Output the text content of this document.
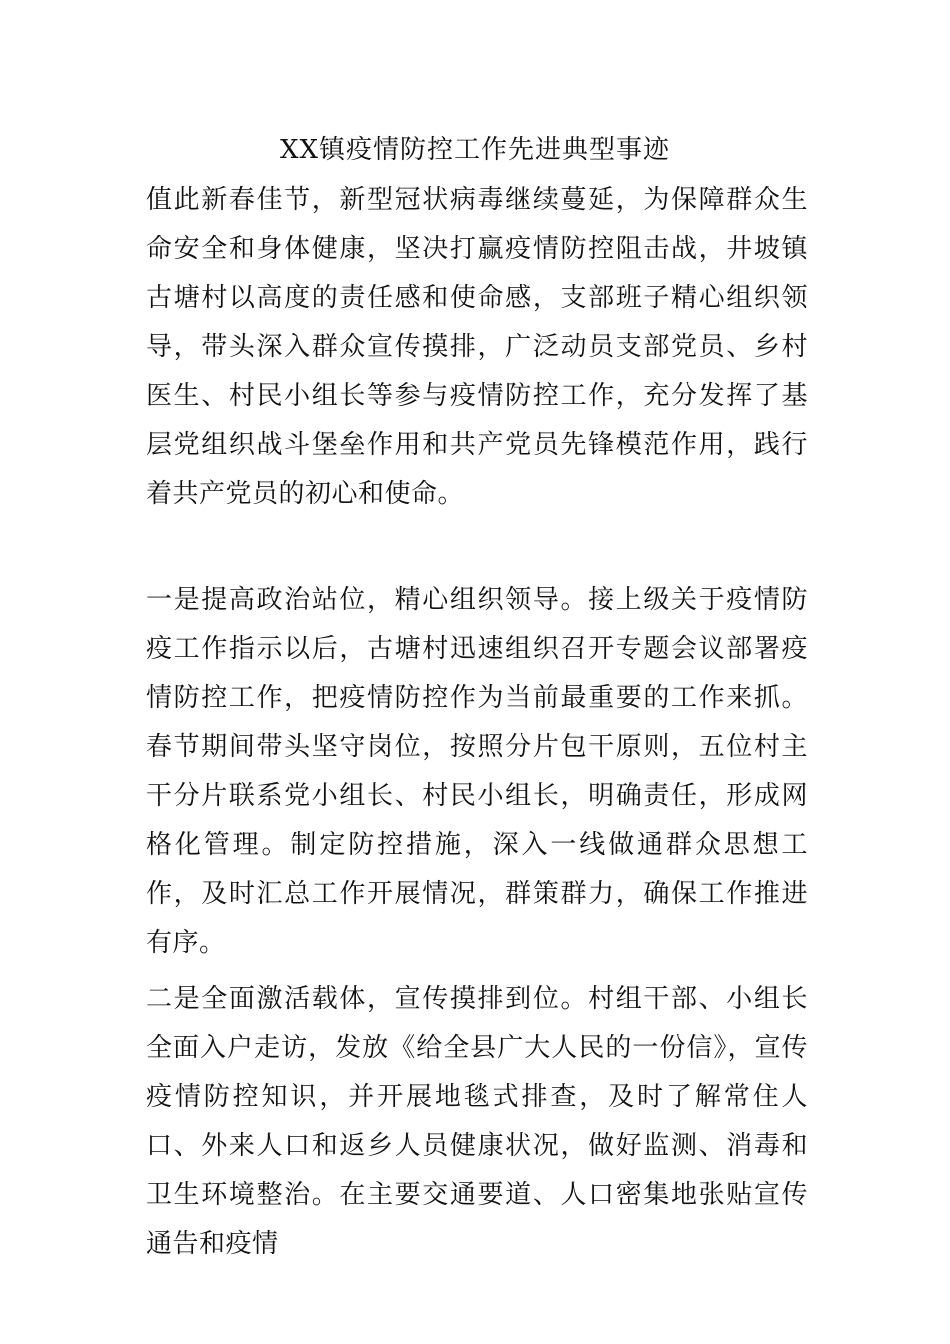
XX镇疫情防控工作先进典型事迹
值此新春佳节，新型冠状病毒继续蔓延，为保障群众生命安全和身体健康，坚决打赢疫情防控阻击战，井坡镇古塘村以高度的责任感和使命感，支部班子精心组织领导，带头深入群众宣传摸排，广泛动员支部党员、乡村医生、村民小组长等参与疫情防控工作，充分发挥了基层党组织战斗堡垒作用和共产党员先锋模范作用，践行着共产党员的初心和使命。
一是提高政治站位，精心组织领导。接上级关于疫情防疫工作指示以后，古塘村迅速组织召开专题会议部署疫情防控工作，把疫情防控作为当前最重要的工作来抓。春节期间带头坚守岗位，按照分片包干原则，五位村主干分片联系党小组长、村民小组长，明确责任，形成网格化管理。制定防控措施，深入一线做通群众思想工作，及时汇总工作开展情况，群策群力，确保工作推进有序。
二是全面激活载体，宣传摸排到位。村组干部、小组长全面入户走访，发放《给全县广大人民的一份信》，宣传疫情防控知识，并开展地毯式排查，及时了解常住人口、外来人口和返乡人员健康状况，做好监测、消毒和卫生环境整治。在主要交通要道、人口密集地张贴宣传通告和疫情
